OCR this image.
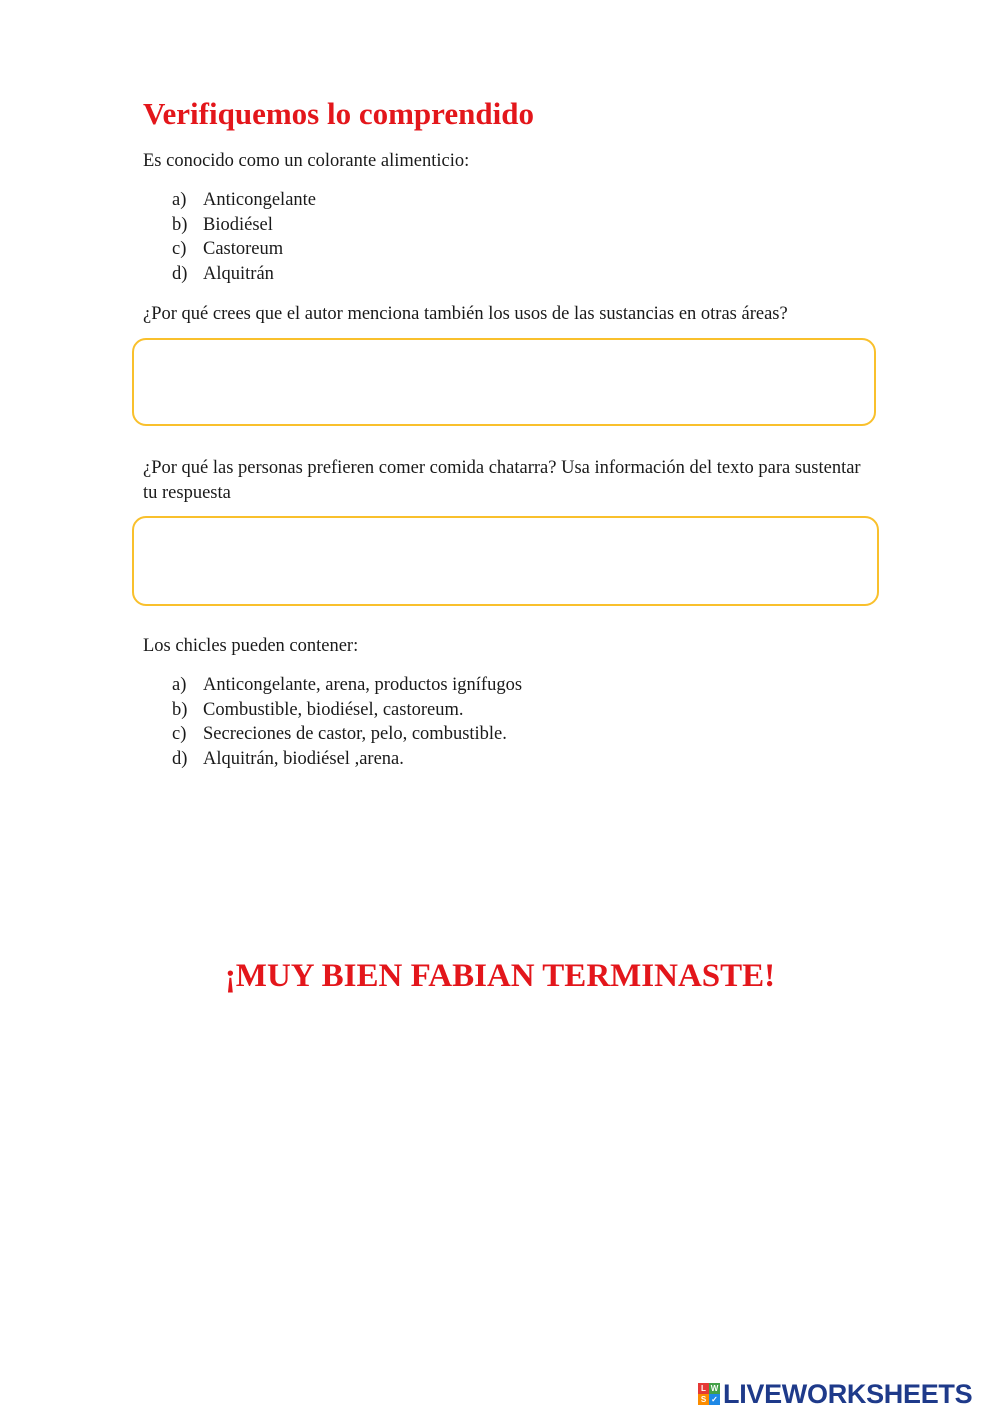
Verifiquemos lo comprendido

Es conocido como un colorante alimenticio:

a) Anticongelante
b) Biodiésel
c) Castoreum
d) Alquitrán

¿Por qué crees que el autor menciona también los usos de las sustancias en otras áreas?

¿Por qué las personas prefieren comer comida chatarra? Usa información del texto para sustentar tu respuesta

Los chicles pueden contener:

a) Anticongelante, arena, productos ignífugos
b) Combustible, biodiésel, castoreum.
c) Secreciones de castor, pelo, combustible.
d) Alquitrán, biodiésel ,arena.

¡MUY BIEN FABIAN TERMINASTE!

L W
S ✓ LIVEWORKSHEETS
